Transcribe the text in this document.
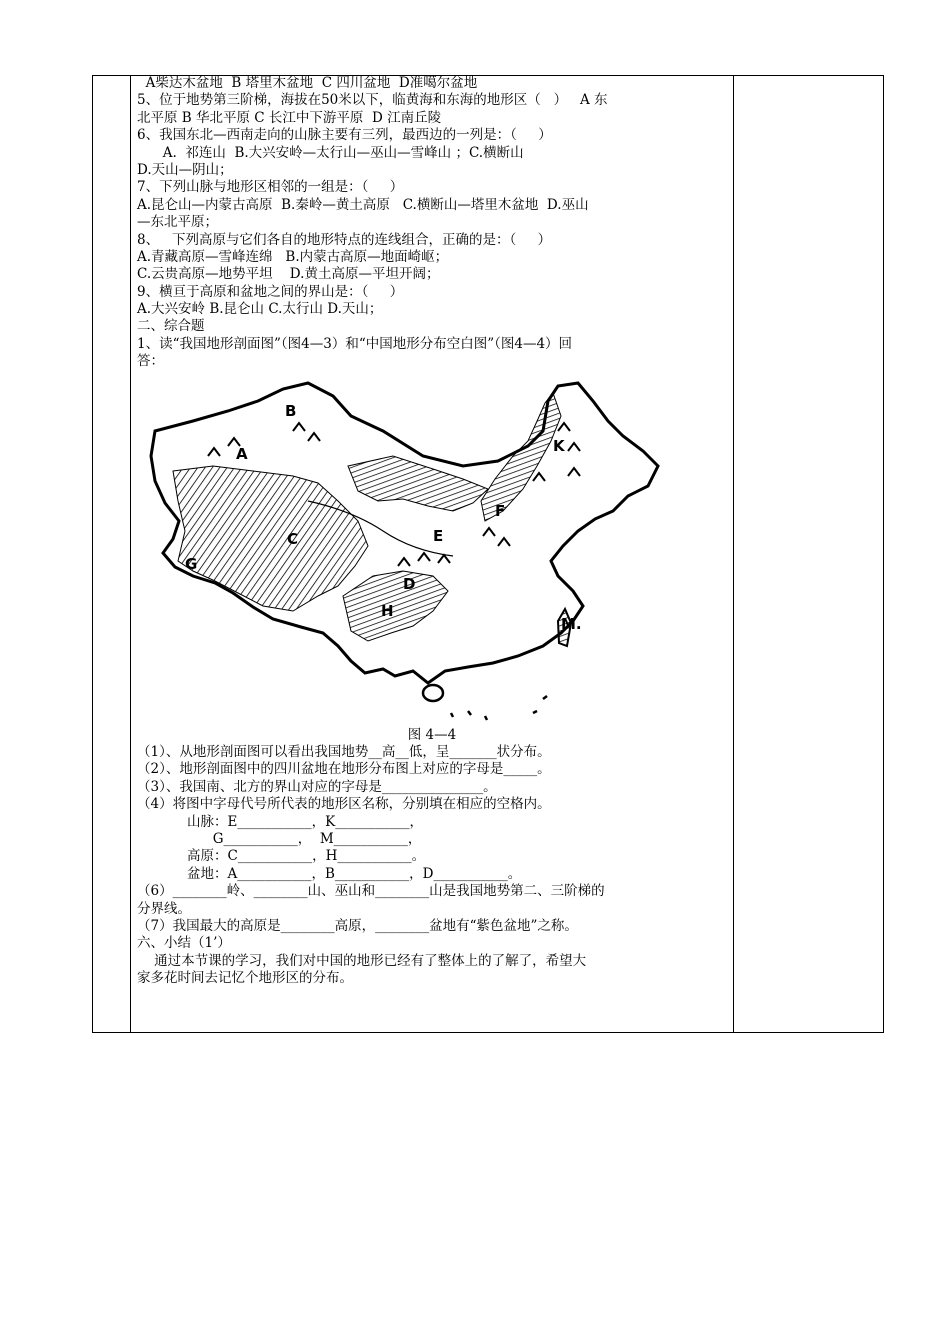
A柴达木盆地  B 塔里木盆地  C 四川盆地  D准噶尔盆地
5、位于地势第三阶梯，海拔在50米以下，临黄海和东海的地形区（   ）   A 东
北平原 B 华北平原 C 长江中下游平原  D 江南丘陵
6、我国东北—西南走向的山脉主要有三列，最西边的一列是：（     ）
A.  祁连山  B.大兴安岭—太行山—巫山—雪峰山 ；C.横断山
D.天山—阴山；
7、下列山脉与地形区相邻的一组是：（     ）
A.昆仑山—内蒙古高原  B.秦岭—黄土高原   C.横断山—塔里木盆地  D.巫山
—东北平原；
8、   下列高原与它们各自的地形特点的连线组合，正确的是：（     ）
A.青藏高原—雪峰连绵   B.内蒙古高原—地面崎岖；
C.云贵高原—地势平坦    D.黄土高原—平坦开阔；
9、横亘于高原和盆地之间的界山是：（     ）
A.大兴安岭 B.昆仑山 C.太行山 D.天山；
二、综合题
1、读“我国地形剖面图”（图4—3）和“中国地形分布空白图”（图4—4）回
答：
B
A
C
G
E
D
H
F
K
M.
图 4—4
（1）、从地形剖面图可以看出我国地势__高__低，呈_______状分布。
（2）、地形剖面图中的四川盆地在地形分布图上对应的字母是_____。
（3）、我国南、北方的界山对应的字母是_______________。
（4）将图中字母代号所代表的地形区名称，分别填在相应的空格内。
山脉：E___________，K___________，
G___________，  M___________，
高原：C___________，H___________。
盆地：A___________，B___________，D___________。
（6）________岭、________山、巫山和________山是我国地势第二、三阶梯的
分界线。
（7）我国最大的高原是________高原，________盆地有“紫色盆地”之称。
六、小结（1’）
通过本节课的学习，我们对中国的地形已经有了整体上的了解了，希望大
家多花时间去记忆个地形区的分布。
